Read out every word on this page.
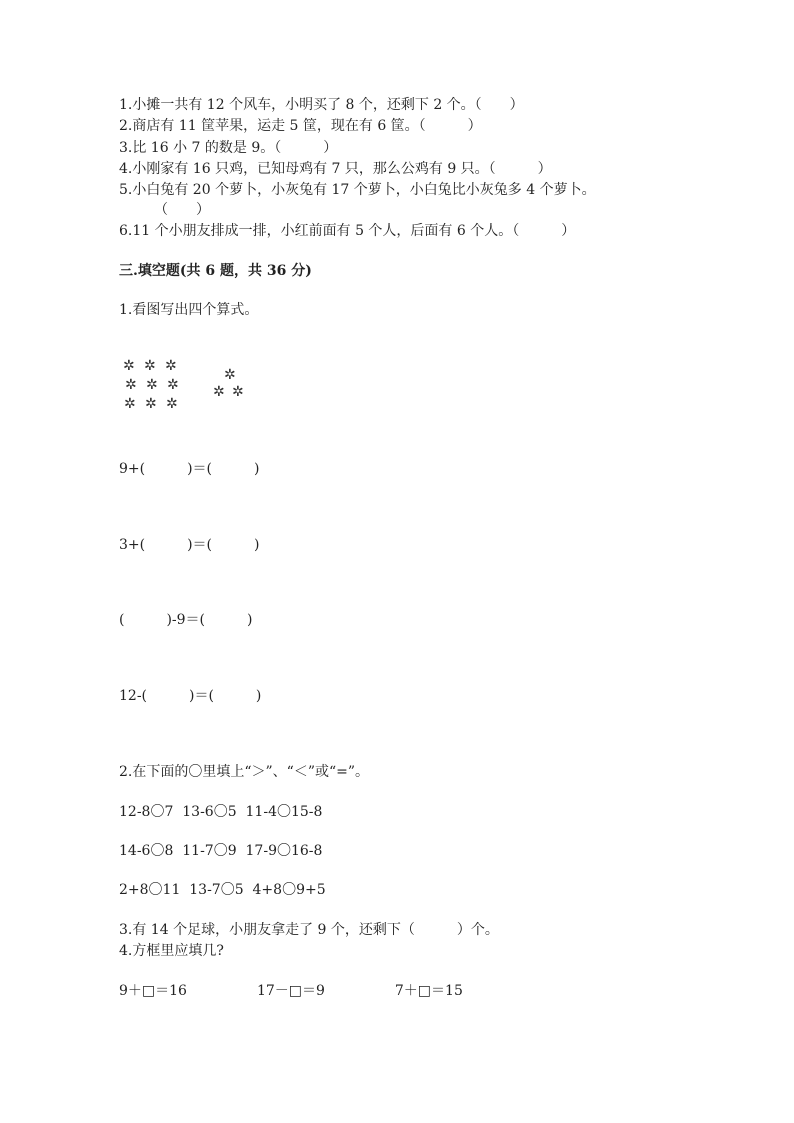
1.小摊一共有 12 个风车，小明买了 8 个，还剩下 2 个。（　　）
2.商店有 11 筐苹果，运走 5 筐，现在有 6 筐。（　　　）
3.比 16 小 7 的数是 9。（　　　）
4.小刚家有 16 只鸡，已知母鸡有 7 只，那么公鸡有 9 只。（　　　）
5.小白兔有 20 个萝卜，小灰兔有 17 个萝卜，小白兔比小灰兔多 4 个萝卜。
　　　（　　）
6.11 个小朋友排成一排，小红前面有 5 个人，后面有 6 个人。（　　　）
三.填空题(共 6 题，共 36 分)
1.看图写出四个算式。
✲ ✲ ✲
✲ ✲ ✲
✲ ✲ ✲
✲
✲ ✲
9+(　　　)＝(　　　)
3+(　　　)＝(　　　)
(　　　)-9＝(　　　)
12-(　　　)＝(　　　)
2.在下面的〇里填上“＞”、“＜”或“=”。
12-8〇7  13-6〇5  11-4〇15-8
14-6〇8  11-7〇9  17-9〇16-8
2+8〇11  13-7〇5  4+8〇9+5
3.有 14 个足球，小朋友拿走了 9 个，还剩下（　　　）个。
4.方框里应填几?
9＋□＝16　　　　　17－□＝9　　　　　7＋□＝15
